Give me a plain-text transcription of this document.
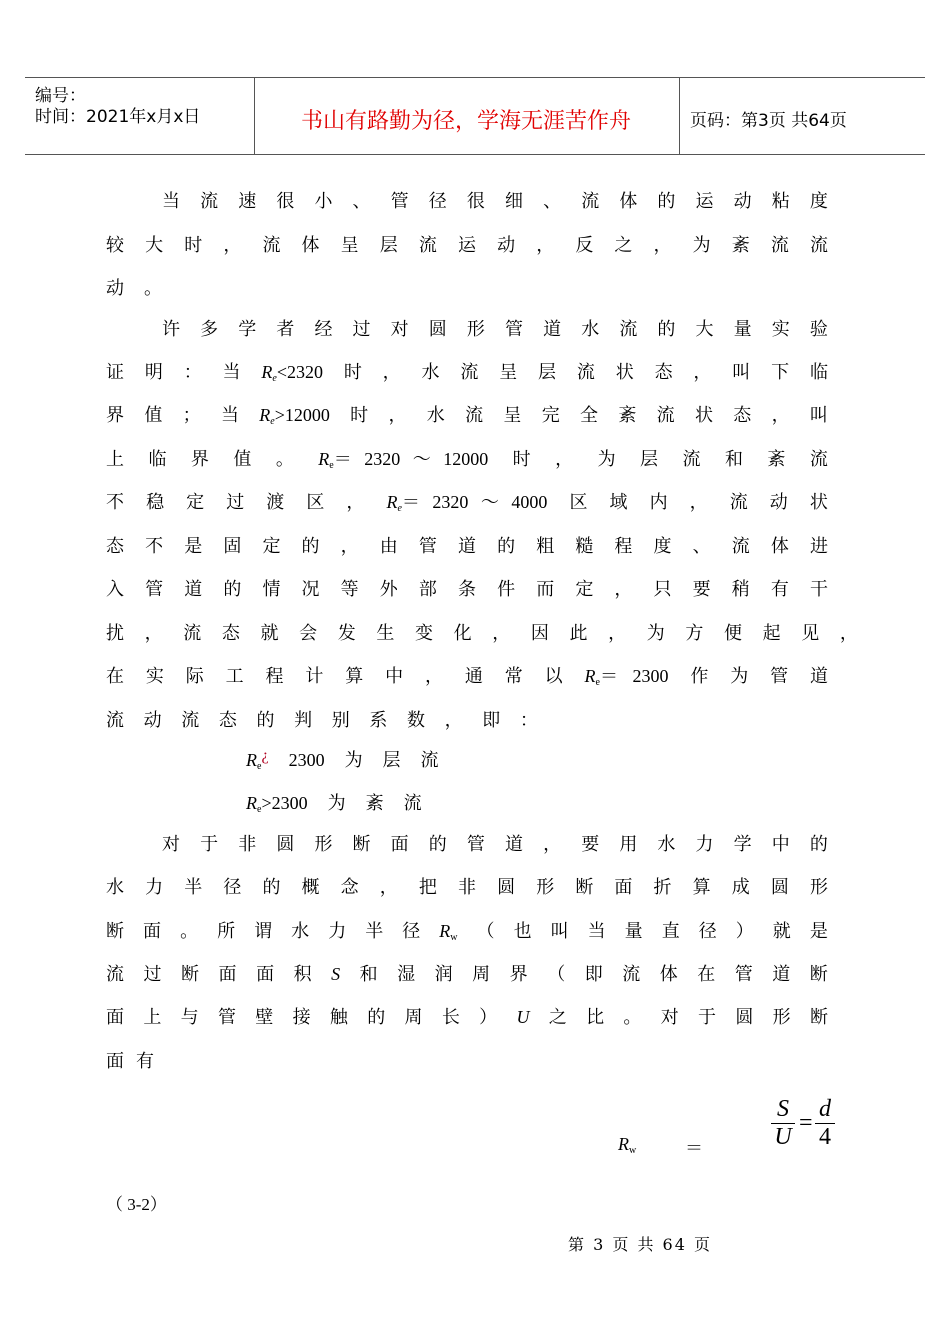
编号：
时间：2021年x月x日	书山有路勤为径，学海无涯苦作舟	页码：第3页 共64页
当 流 速 很 小 、 管 径 很 细 、 流 体 的 运 动 粘 度
较 大 时 ， 流 体 呈 层 流 运 动 ， 反 之 ， 为 紊 流 流
动。
许 多 学 者 经 过 对 圆 形 管 道 水 流 的 大 量 实 验
证 明 ： 当 $R_e<2320$ 时 ， 水 流 呈 层 流 状 态 ， 叫 下 临
界 值 ； 当 $R_e>12000$ 时 ， 水 流 呈 完 全 紊 流 状 态 ， 叫
上 临 界 值 。 $R_e= 2320$ ～ 12000 时 ， 为 层 流 和 紊 流
不 稳 定 过 渡 区 ， $R_e= 2320$ ～ 4000 区 域 内 ， 流 动 状
态 不 是 固 定 的 ， 由 管 道 的 粗 糙 程 度 、 流 体 进
入 管 道 的 情 况 等 外 部 条 件 而 定 ， 只 要 稍 有 干
扰 ， 流 态 就 会 发 生 变 化 ， 因 此 ， 为 方 便 起 见 ，
在 实 际 工 程 计 算 中 ， 通 常 以 $R_e= 2300$ 作 为 管 道
流 动 流 态 的 判 别 系 数 ， 即 ：
$R_e¿$ 2300 为层流
$R_e>2300$ 为紊流
对 于 非 圆 形 断 面 的 管 道 ， 要 用 水 力 学 中 的
水 力 半 径 的 概 念 ， 把 非 圆 形 断 面 折 算 成 圆 形
断 面 。 所 谓 水 力 半 径 $R_w$ （ 也 叫 当 量 直 径 ） 就 是
流 过 断 面 面 积 S 和 湿 润 周 界 （ 即 流 体 在 管 道 断
面 上 与 管 壁 接 触 的 周 长 ） U 之 比 。 对 于 圆 形 断
面有
$R_w$	＝	$\frac{S}{U} = \frac{d}{4}$
（ 3-2）
第 3 页 共 64 页
